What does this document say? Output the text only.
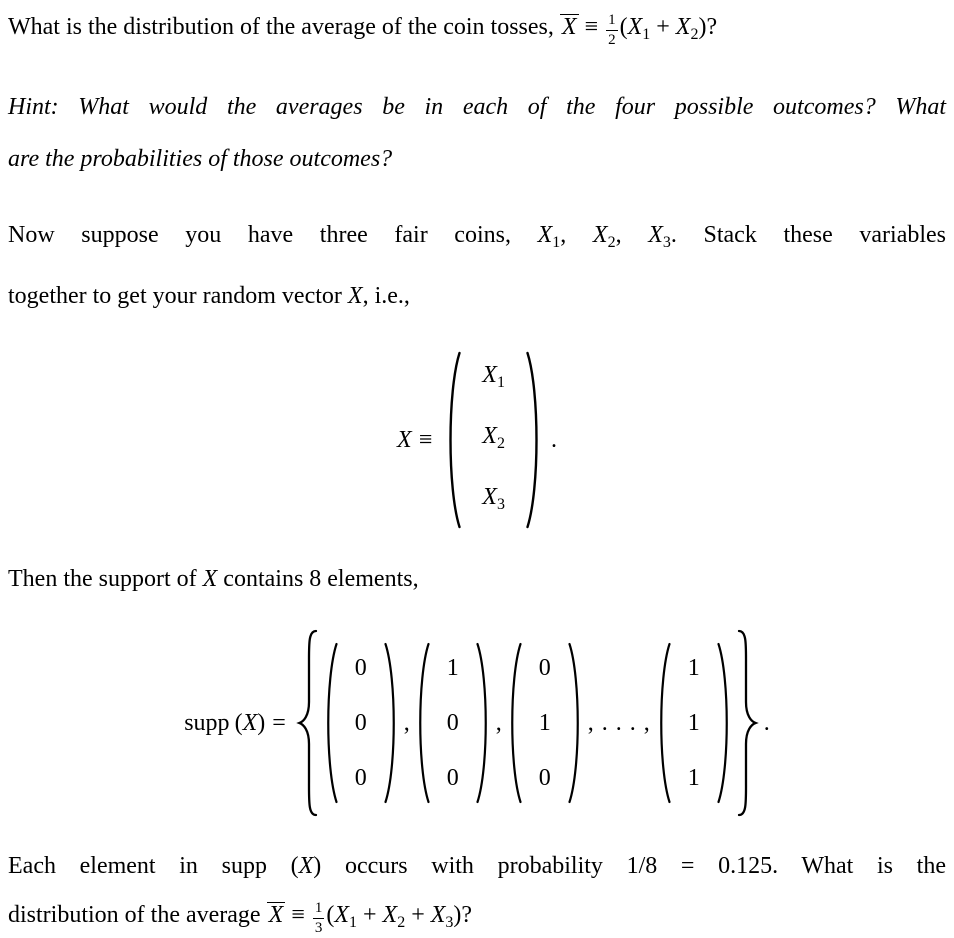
What is the distribution of the average of the coin tosses, $X \equiv \frac{1}{2} (X_1 + X_2)$?

Hint: What would the averages be in each of the four possible outcomes? What

are the probabilities of those outcomes?

Now suppose you have three fair coins, $X_1$, $X_2$, $X_3$. Stack these variables

together to get your random vector X, i.e.,

X ≡
$X_1$
$X_2$
$X_3$
.

Then the support of X contains 8 elements,

supp ( X ) =
0
0
0
,
1
0
0
,
0
1
0
, . . . ,
1
1
1
.

Each element in supp (X) occurs with probability 1/8 = 0.125. What is the

distribution of the average $X \equiv \frac{1}{3} (X_1 + X_2 + X_3)$?
